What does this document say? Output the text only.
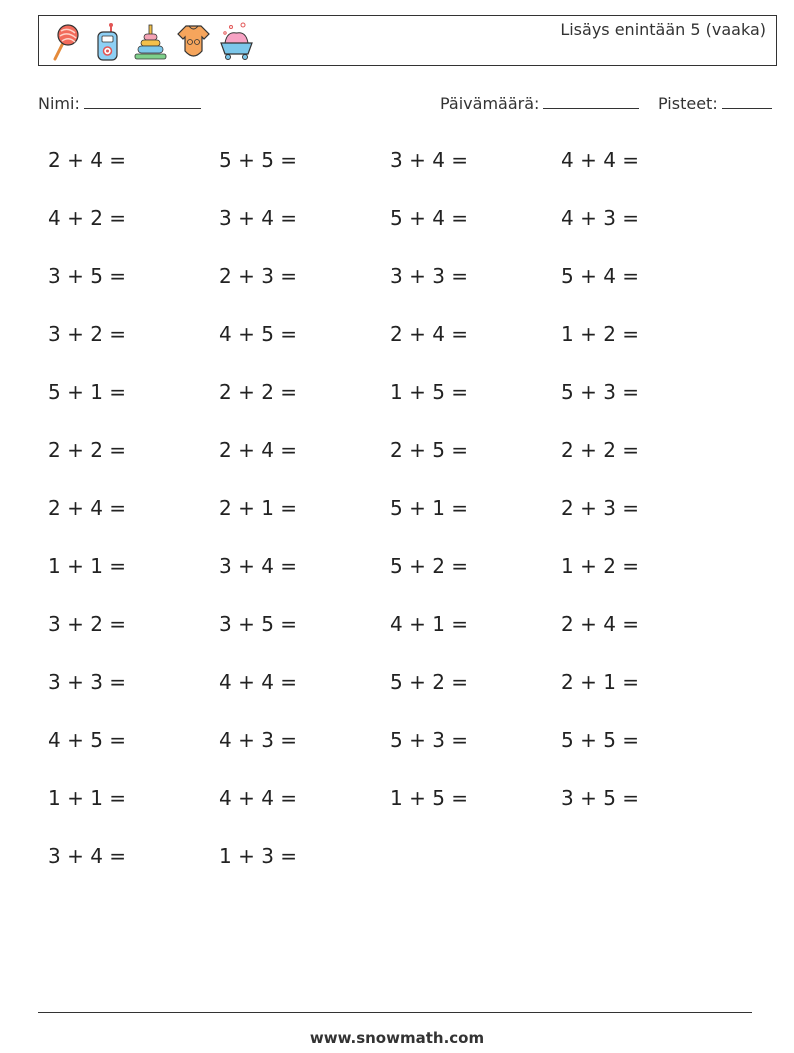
Lisäys enintään 5 (vaaka)
Nimi:	Päivämäärä:	Pisteet:
2 + 4 =	5 + 5 =	3 + 4 =	4 + 4 =
4 + 2 =	3 + 4 =	5 + 4 =	4 + 3 =
3 + 5 =	2 + 3 =	3 + 3 =	5 + 4 =
3 + 2 =	4 + 5 =	2 + 4 =	1 + 2 =
5 + 1 =	2 + 2 =	1 + 5 =	5 + 3 =
2 + 2 =	2 + 4 =	2 + 5 =	2 + 2 =
2 + 4 =	2 + 1 =	5 + 1 =	2 + 3 =
1 + 1 =	3 + 4 =	5 + 2 =	1 + 2 =
3 + 2 =	3 + 5 =	4 + 1 =	2 + 4 =
3 + 3 =	4 + 4 =	5 + 2 =	2 + 1 =
4 + 5 =	4 + 3 =	5 + 3 =	5 + 5 =
1 + 1 =	4 + 4 =	1 + 5 =	3 + 5 =
3 + 4 =	1 + 3 =
www.snowmath.com
